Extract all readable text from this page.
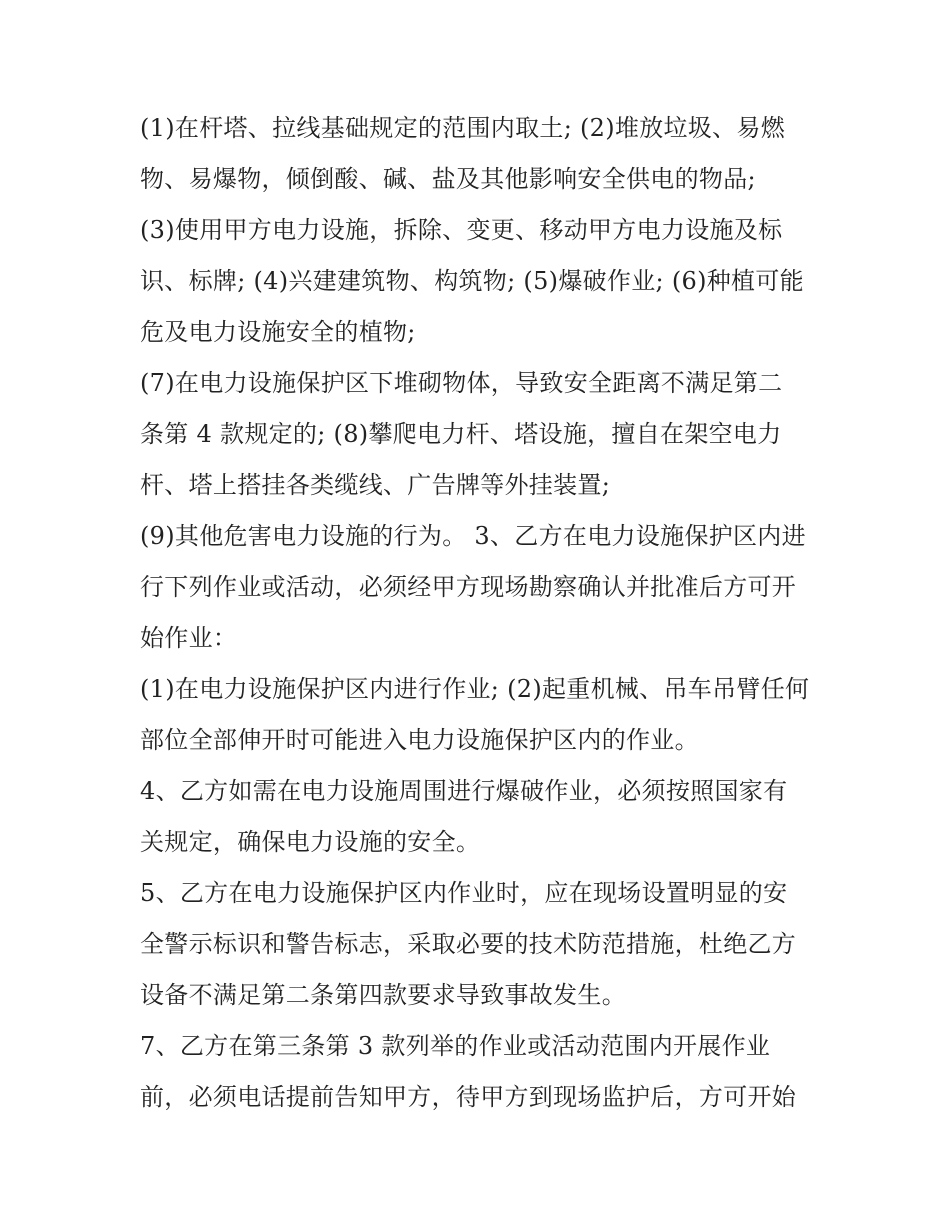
(1)在杆塔、拉线基础规定的范围内取土; (2)堆放垃圾、易燃
物、易爆物，倾倒酸、碱、盐及其他影响安全供电的物品;
(3)使用甲方电力设施，拆除、变更、移动甲方电力设施及标
识、标牌; (4)兴建建筑物、构筑物; (5)爆破作业; (6)种植可能
危及电力设施安全的植物;
(7)在电力设施保护区下堆砌物体，导致安全距离不满足第二
条第 4 款规定的; (8)攀爬电力杆、塔设施，擅自在架空电力
杆、塔上搭挂各类缆线、广告牌等外挂装置;
(9)其他危害电力设施的行为。 3、乙方在电力设施保护区内进
行下列作业或活动，必须经甲方现场勘察确认并批准后方可开
始作业：
(1)在电力设施保护区内进行作业; (2)起重机械、吊车吊臂任何
部位全部伸开时可能进入电力设施保护区内的作业。
4、乙方如需在电力设施周围进行爆破作业，必须按照国家有
关规定，确保电力设施的安全。
5、乙方在电力设施保护区内作业时，应在现场设置明显的安
全警示标识和警告标志，采取必要的技术防范措施，杜绝乙方
设备不满足第二条第四款要求导致事故发生。
7、乙方在第三条第 3 款列举的作业或活动范围内开展作业
前，必须电话提前告知甲方，待甲方到现场监护后，方可开始
